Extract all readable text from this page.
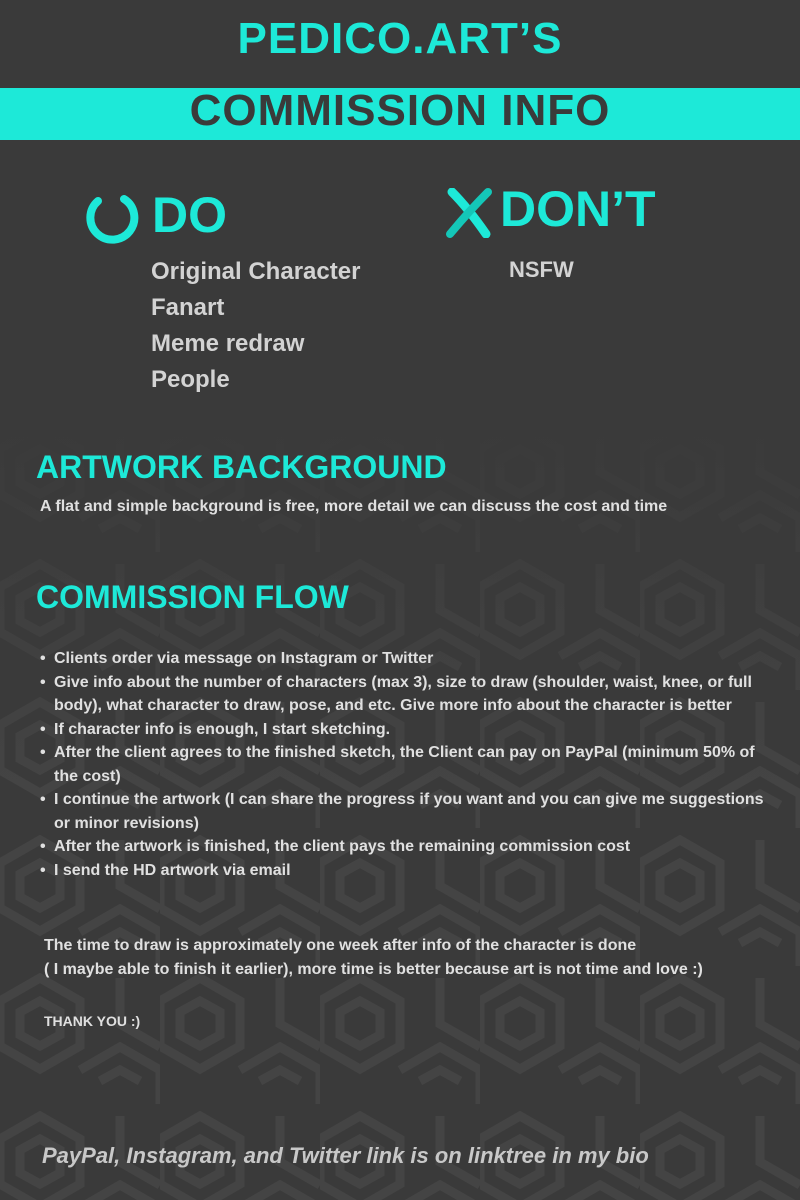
PEDICO.ART’S
COMMISSION INFO
DO
Original Character
Fanart
Meme redraw
People
DON’T
NSFW
ARTWORK BACKGROUND
A flat and simple background is free, more detail we can discuss the cost and time
COMMISSION FLOW
• Clients order via message on Instagram or Twitter
• Give info about the number of characters (max 3), size to draw (shoulder, waist, knee, or full body), what character to draw, pose, and etc. Give more info about the character is better
• If character info is enough, I start sketching.
• After the client agrees to the finished sketch, the Client can pay on PayPal (minimum 50% of the cost)
• I continue the artwork (I can share the progress if you want and you can give me suggestions or minor revisions)
• After the artwork is finished, the client pays the remaining commission cost
• I send the HD artwork via email
The time to draw is approximately one week after info of the character is done
( I maybe able to finish it earlier), more time is better because art is not time and love :)
THANK YOU :)
PayPal, Instagram, and Twitter link is on linktree in my bio
